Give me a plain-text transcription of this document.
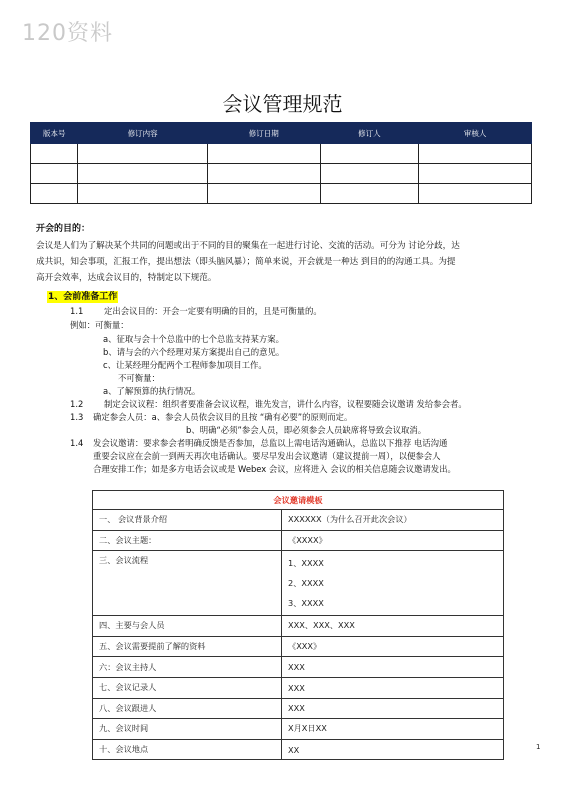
120资料
会议管理规范
版本号	修订内容	修订日期	修订人	审核人

开会的目的：
会议是人们为了解决某个共同的问题或出于不同的目的聚集在一起进行讨论、交流的活动。可分为 讨论分歧，达
成共识，知会事项，汇报工作，提出想法（即头脑风暴）；简单来说，开会就是一种达 到目的的沟通工具。为提
高开会效率，达成会议目的，特制定以下规范。
1、会前准备工作
1.1 定出会议目的：开会一定要有明确的目的，且是可衡量的。
例如：可衡量：
a、征取与会十个总监中的七个总监支持某方案。
b、请与会的六个经理对某方案提出自己的意见。
c、让某经理分配两个工程师参加项目工作。
不可衡量：
a、了解预算的执行情况。
1.2 制定会议议程：组织者要准备会议议程，谁先发言，讲什么内容，议程要随会议邀请 发给参会者。
1.3 确定参会人员：a、参会人员依会议目的且按 “确有必要”的原则而定。
b、明确“必须”参会人员，即必须参会人员缺席将导致会议取消。
1.4 发会议邀请：要求参会者明确反馈是否参加，总监以上需电话沟通确认，总监以下推荐 电话沟通
重要会议应在会前一到两天再次电话确认。要尽早发出会议邀请（建议提前一周），以便参会人
合理安排工作；如是多方电话会议或是 Webex 会议，应将进入 会议的相关信息随会议邀请发出。
会议邀请模板	
一、 会议背景介绍	XXXXXX（为什么召开此次会议）
二、会议主题：	《XXXX》
三、会议流程	1、XXXX
2、XXXX
3、XXXX

四、主要与会人员	XXX、XXX、XXX
五、会议需要提前了解的资料	《XXX》
六：会议主持人	XXX
七、会议记录人	XXX
八、会议跟进人	XXX
九、会议时间	X月X日XX
十、会议地点	XX	1
